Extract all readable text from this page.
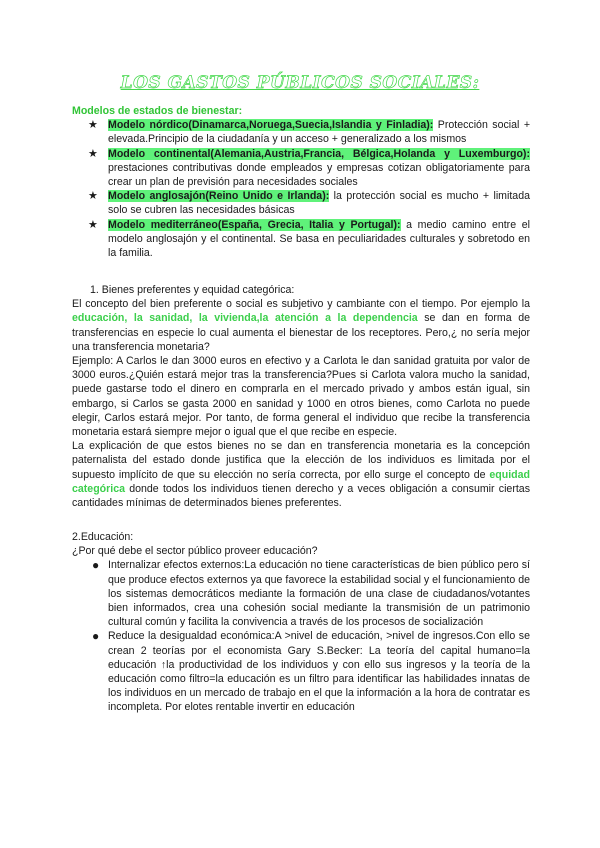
LOS GASTOS PÚBLICOS SOCIALES:
Modelos de estados de bienestar:
★ Modelo nórdico(Dinamarca,Noruega,Suecia,Islandia y Finladia): Protección social + elevada.Principio de la ciudadanía y un acceso + generalizado a los mismos
★ Modelo continental(Alemania,Austria,Francia, Bélgica,Holanda y Luxemburgo): prestaciones contributivas donde empleados y empresas cotizan obligatoriamente para crear un plan de previsión para necesidades sociales
★ Modelo anglosajón(Reino Unido e Irlanda): la protección social es mucho + limitada solo se cubren las necesidades básicas
★ Modelo mediterráneo(España, Grecia, Italia y Portugal): a medio camino entre el modelo anglosajón y el continental. Se basa en peculiaridades culturales y sobretodo en la familia.
1. Bienes preferentes y equidad categórica:

El concepto del bien preferente o social es subjetivo y cambiante con el tiempo. Por ejemplo la educación, la sanidad, la vivienda,la atención a la dependencia se dan en forma de transferencias en especie lo cual aumenta el bienestar de los receptores. Pero,¿ no sería mejor una transferencia monetaria?

Ejemplo: A Carlos le dan 3000 euros en efectivo y a Carlota le dan sanidad gratuita por valor de 3000 euros.¿Quién estará mejor tras la transferencia?Pues si Carlota valora mucho la sanidad, puede gastarse todo el dinero en comprarla en el mercado privado y ambos están igual, sin embargo, si Carlos se gasta 2000 en sanidad y 1000 en otros bienes, como Carlota no puede elegir, Carlos estará mejor. Por tanto, de forma general el individuo que recibe la transferencia monetaria estará siempre mejor o igual que el que recibe en especie.

La explicación de que estos bienes no se dan en transferencia monetaria es la concepción paternalista del estado donde justifica que la elección de los individuos es limitada por el supuesto implícito de que su elección no sería correcta, por ello surge el concepto de equidad categórica donde todos los individuos tienen derecho y a veces obligación a consumir ciertas cantidades mínimas de determinados bienes preferentes.

2.Educación:
¿Por qué debe el sector público proveer educación?
● Internalizar efectos externos:La educación no tiene características de bien público pero sí que produce efectos externos ya que favorece la estabilidad social y el funcionamiento de los sistemas democráticos mediante la formación de una clase de ciudadanos/votantes bien informados, crea una cohesión social mediante la transmisión de un patrimonio cultural común y facilita la convivencia a través de los procesos de socialización
● Reduce la desigualdad económica:A >nivel de educación, >nivel de ingresos.Con ello se crean 2 teorías por el economista Gary S.Becker: La teoría del capital humano=la educación ↑la productividad de los individuos y con ello sus ingresos y la teoría de la educación como filtro=la educación es un filtro para identificar las habilidades innatas de los individuos en un mercado de trabajo en el que la información a la hora de contratar es incompleta. Por eloteѕ rentable invertir en educación
